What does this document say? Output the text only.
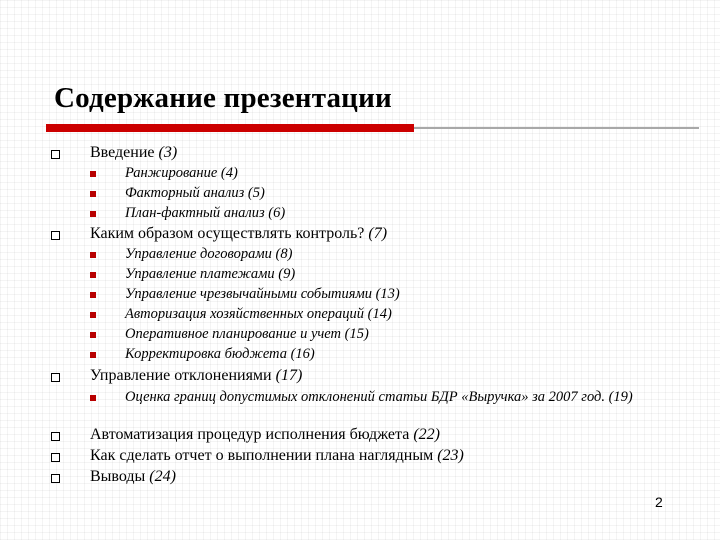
Содержание презентации
Введение (3)
Ранжирование (4)
Факторный анализ (5)
План-фактный анализ (6)
Каким образом осуществлять контроль? (7)
Управление договорами (8)
Управление платежами (9)
Управление чрезвычайными событиями (13)
Авторизация хозяйственных операций (14)
Оперативное планирование и учет (15)
Корректировка бюджета (16)
Управление отклонениями (17)
Оценка границ допустимых отклонений статьи БДР «Выручка» за 2007 год. (19)
Автоматизация процедур исполнения бюджета (22)
Как сделать отчет о выполнении плана наглядным (23)
Выводы (24)
2
